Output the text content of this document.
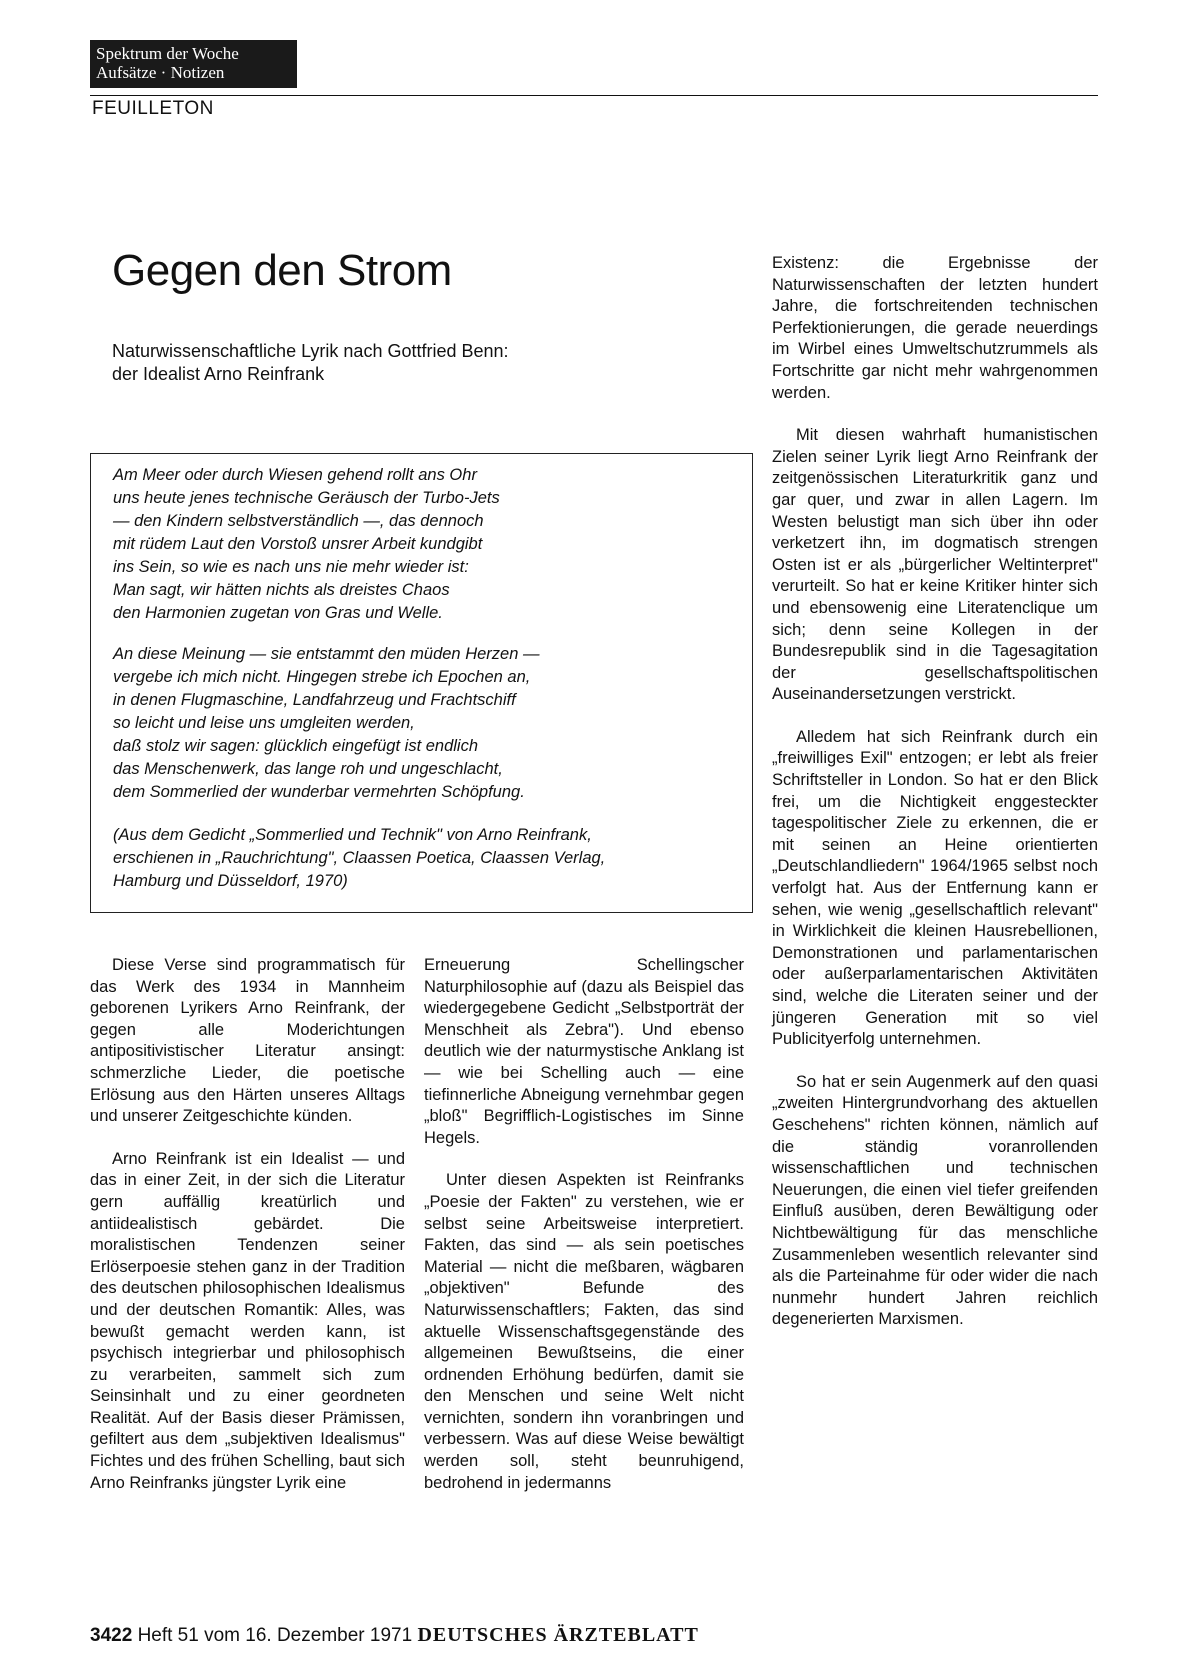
Spektrum der Woche
Aufsätze · Notizen
FEUILLETON
Gegen den Strom
Naturwissenschaftliche Lyrik nach Gottfried Benn:
der Idealist Arno Reinfrank
Am Meer oder durch Wiesen gehend rollt ans Ohr
uns heute jenes technische Geräusch der Turbo-Jets
— den Kindern selbstverständlich —, das dennoch
mit rüdem Laut den Vorstoß unsrer Arbeit kundgibt
ins Sein, so wie es nach uns nie mehr wieder ist:
Man sagt, wir hätten nichts als dreistes Chaos
den Harmonien zugetan von Gras und Welle.
An diese Meinung — sie entstammt den müden Herzen —
vergebe ich mich nicht. Hingegen strebe ich Epochen an,
in denen Flugmaschine, Landfahrzeug und Frachtschiff
so leicht und leise uns umgleiten werden,
daß stolz wir sagen: glücklich eingefügt ist endlich
das Menschenwerk, das lange roh und ungeschlacht,
dem Sommerlied der wunderbar vermehrten Schöpfung.
(Aus dem Gedicht „Sommerlied und Technik" von Arno Reinfrank,
erschienen in „Rauchrichtung", Claassen Poetica, Claassen Verlag,
Hamburg und Düsseldorf, 1970)

Existenz: die Ergebnisse der Naturwissenschaften der letzten hundert Jahre, die fortschreitenden technischen Perfektionierungen, die gerade neuerdings im Wirbel eines Umweltschutzrummels als Fortschritte gar nicht mehr wahrgenommen werden.

Mit diesen wahrhaft humanistischen Zielen seiner Lyrik liegt Arno Reinfrank der zeitgenössischen Literaturkritik ganz und gar quer, und zwar in allen Lagern. Im Westen belustigt man sich über ihn oder verketzert ihn, im dogmatisch strengen Osten ist er als „bürgerlicher Weltinterpret" verurteilt. So hat er keine Kritiker hinter sich und ebensowenig eine Literatenclique um sich; denn seine Kollegen in der Bundesrepublik sind in die Tagesagitation der gesellschaftspolitischen Auseinandersetzungen verstrickt.

Alledem hat sich Reinfrank durch ein „freiwilliges Exil" entzogen; er lebt als freier Schriftsteller in London. So hat er den Blick frei, um die Nichtigkeit enggesteckter tagespolitischer Ziele zu erkennen, die er mit seinen an Heine orientierten „Deutschlandliedern" 1964/1965 selbst noch verfolgt hat. Aus der Entfernung kann er sehen, wie wenig „gesellschaftlich relevant" in Wirklichkeit die kleinen Hausrebellionen, Demonstrationen und parlamentarischen oder außerparlamentarischen Aktivitäten sind, welche die Literaten seiner und der jüngeren Generation mit so viel Publicityerfolg unternehmen.

So hat er sein Augenmerk auf den quasi „zweiten Hintergrundvorhang des aktuellen Geschehens" richten können, nämlich auf die ständig voranrollenden wissenschaftlichen und technischen Neuerungen, die einen viel tiefer greifenden Einfluß ausüben, deren Bewältigung oder Nichtbewältigung für das menschliche Zusammenleben wesentlich relevanter sind als die Parteinahme für oder wider die nach nunmehr hundert Jahren reichlich degenerierten Marxismen.

Diese Verse sind programmatisch für das Werk des 1934 in Mannheim geborenen Lyrikers Arno Reinfrank, der gegen alle Moderichtungen antipositivistischer Literatur ansingt: schmerzliche Lieder, die poetische Erlösung aus den Härten unseres Alltags und unserer Zeitgeschichte künden.

Arno Reinfrank ist ein Idealist — und das in einer Zeit, in der sich die Literatur gern auffällig kreatürlich und antiidealistisch gebärdet. Die moralistischen Tendenzen seiner Erlöserpoesie stehen ganz in der Tradition des deutschen philosophischen Idealismus und der deutschen Romantik: Alles, was bewußt gemacht werden kann, ist psychisch integrierbar und philosophisch zu verarbeiten, sammelt sich zum Seinsinhalt und zu einer geordneten Realität. Auf der Basis dieser Prämissen, gefiltert aus dem „subjektiven Idealismus" Fichtes und des frühen Schelling, baut sich Arno Reinfranks jüngster Lyrik eine

Erneuerung Schellingscher Naturphilosophie auf (dazu als Beispiel das wiedergegebene Gedicht „Selbstporträt der Menschheit als Zebra"). Und ebenso deutlich wie der naturmystische Anklang ist — wie bei Schelling auch — eine tiefinnerliche Abneigung vernehmbar gegen „bloß" Begrifflich-Logistisches im Sinne Hegels.

Unter diesen Aspekten ist Reinfranks „Poesie der Fakten" zu verstehen, wie er selbst seine Arbeitsweise interpretiert. Fakten, das sind — als sein poetisches Material — nicht die meßbaren, wägbaren „objektiven" Befunde des Naturwissenschaftlers; Fakten, das sind aktuelle Wissenschaftsgegenstände des allgemeinen Bewußtseins, die einer ordnenden Erhöhung bedürfen, damit sie den Menschen und seine Welt nicht vernichten, sondern ihn voranbringen und verbessern. Was auf diese Weise bewältigt werden soll, steht beunruhigend, bedrohend in jedermanns

3422 Heft 51 vom 16. Dezember 1971 DEUTSCHES ÄRZTEBLATT
